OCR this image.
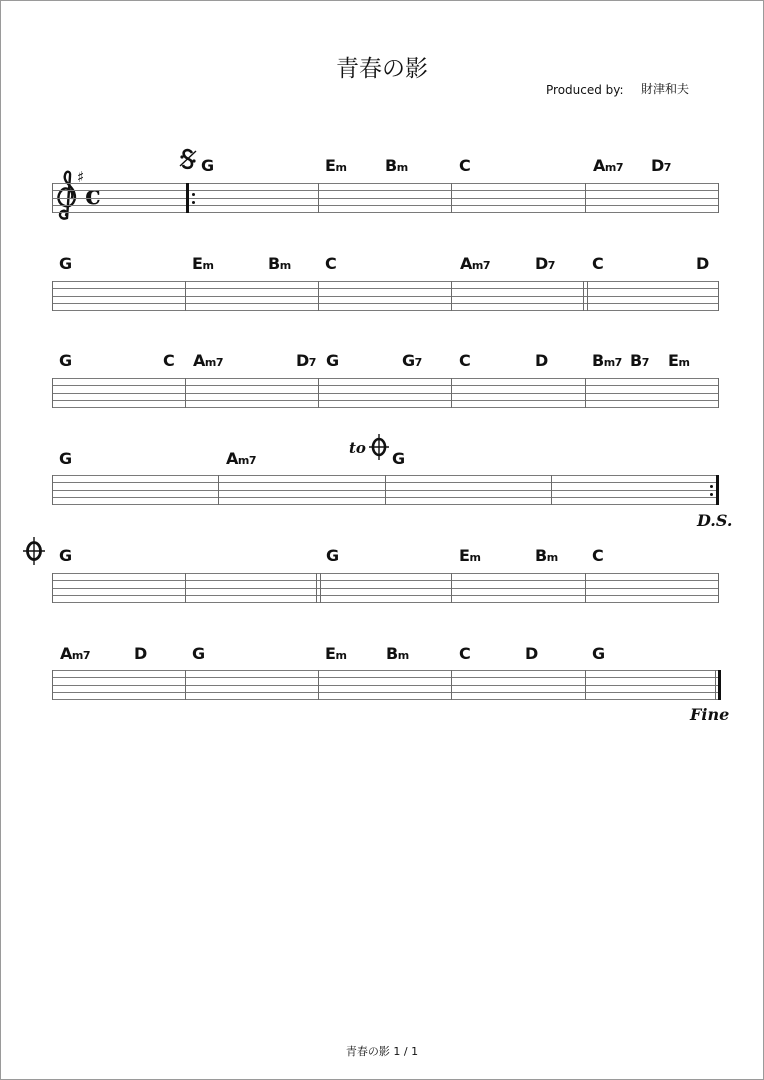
青春の影
Produced by: 財津和夫
♯
c
G	Em Bm	C	Am7 D7
G	Em	Bm C	Am7	D7 C	D
G	C Am7	D7 G	G7 C	D	Bm7 B7 Em
G	Am7
to
G
D.S.
G	G	Em	Bm C
Am7	D	G	Em Bm	C	D	G
Fine
青春の影 1 / 1
